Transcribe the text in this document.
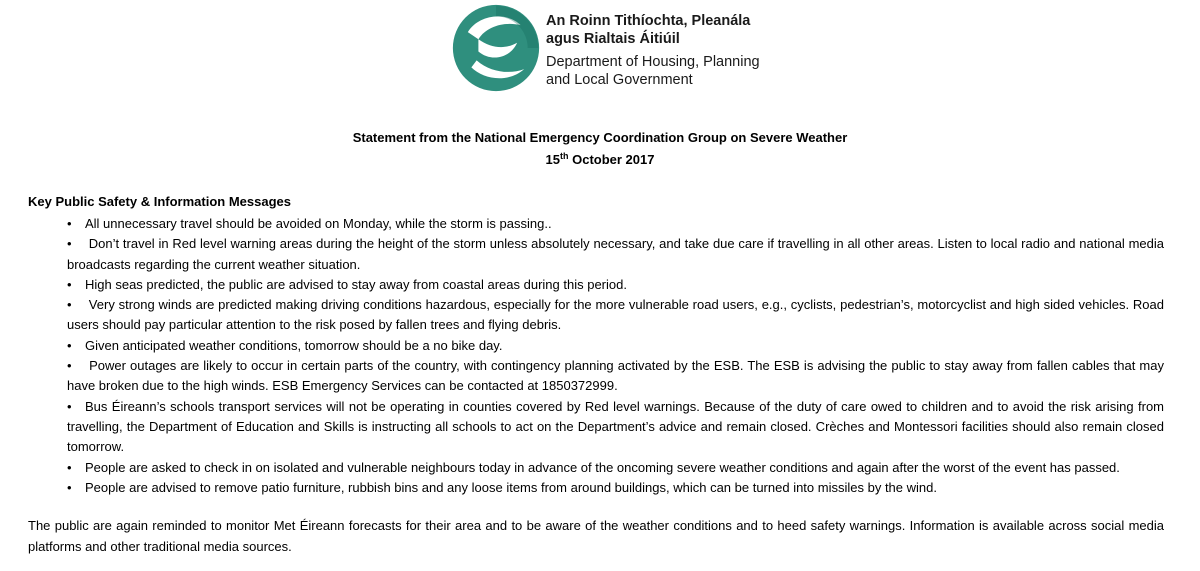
An Roinn Tithíochta, Pleanála
agus Rialtais Áitiúil
Department of Housing, Planning
and Local Government
Statement from the National Emergency Coordination Group on Severe Weather
15th October 2017
Key Public Safety & Information Messages
• All unnecessary travel should be avoided on Monday, while the storm is passing..
• Don’t travel in Red level warning areas during the height of the storm unless absolutely necessary, and take due care if travelling in all other areas. Listen to local radio and national media broadcasts regarding the current weather situation.
• High seas predicted, the public are advised to stay away from coastal areas during this period.
• Very strong winds are predicted making driving conditions hazardous, especially for the more vulnerable road users, e.g., cyclists, pedestrian’s, motorcyclist and high sided vehicles. Road users should pay particular attention to the risk posed by fallen trees and flying debris.
• Given anticipated weather conditions, tomorrow should be a no bike day.
• Power outages are likely to occur in certain parts of the country, with contingency planning activated by the ESB. The ESB is advising the public to stay away from fallen cables that may have broken due to the high winds. ESB Emergency Services can be contacted at 1850372999.
• Bus Éireann’s schools transport services will not be operating in counties covered by Red level warnings. Because of the duty of care owed to children and to avoid the risk arising from travelling, the Department of Education and Skills is instructing all schools to act on the Department’s advice and remain closed. Crèches and Montessori facilities should also remain closed tomorrow.
• People are asked to check in on isolated and vulnerable neighbours today in advance of the oncoming severe weather conditions and again after the worst of the event has passed.
• People are advised to remove patio furniture, rubbish bins and any loose items from around buildings, which can be turned into missiles by the wind.

The public are again reminded to monitor Met Éireann forecasts for their area and to be aware of the weather conditions and to heed safety warnings. Information is available across social media platforms and other traditional media sources.
